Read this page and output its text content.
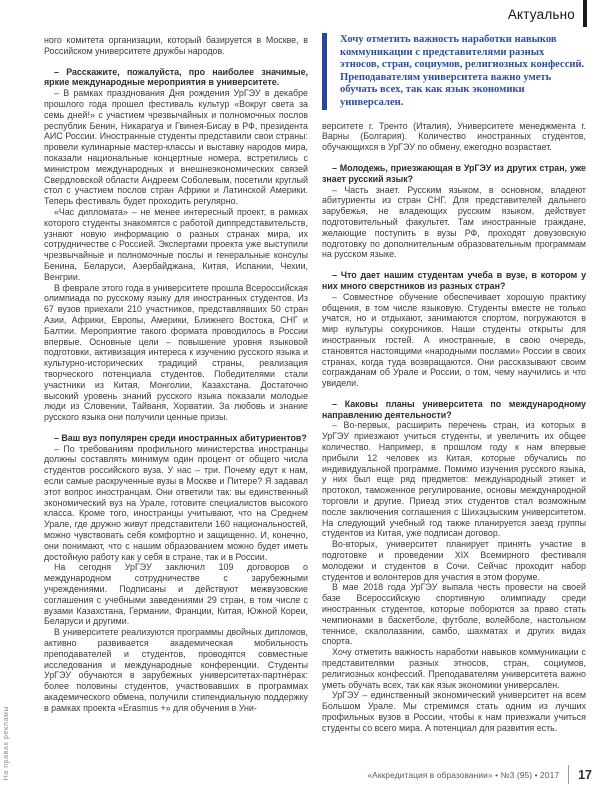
Актуально
На правах рекламы

ного комитета организации, который базируется в Москве, в Российском университете дружбы народов.

– Расскажите, пожалуйста, про наиболее значимые, яркие международные мероприятия в университете.

– В рамках празднования Дня рождения УрГЭУ в декабре прошлого года прошел фестиваль культур «Вокруг света за семь дней!» с участием чрезвычайных и полномочных послов республик Бенин, Никарагуа и Гвинея-Бисау в РФ, президента АИС России. Иностранные студенты представили свои страны: провели кулинарные мастер-классы и выставку народов мира, показали национальные концертные номера, встретились с министром международных и внешнеэкономических связей Свердловской области Андреем Соболевым, посетили круглый стол с участием послов стран Африки и Латинской Америки. Теперь фестиваль будет проходить регулярно.

«Час дипломата» – не менее интересный проект, в рамках которого студенты знакомятся с работой диппредставительств, узнают новую информацию о разных странах мира, их сотрудничестве с Россией. Экспертами проекта уже выступили чрезвычайные и полномочные послы и генеральные консулы Бенина, Беларуси, Азербайджана, Китая, Испании, Чехии, Венгрии.

В феврале этого года в университете прошла Всероссийская олимпиада по русскому языку для иностранных студентов. Из 67 вузов приехали 210 участников, представлявших 50 стран Азии, Африки, Европы, Америки, Ближнего Востока, СНГ и Балтии. Мероприятие такого формата проводилось в России впервые. Основные цели – повышение уровня языковой подготовки, активизация интереса к изучению русского языка и культурно-исторических традиций страны, реализация творческого потенциала студентов. Победителями стали участники из Китая, Монголии, Казахстана. Достаточно высокий уровень знаний русского языка показали молодые люди из Словении, Тайваня, Хорватии. За любовь и знание русского языка они получили ценные призы.

– Ваш вуз популярен среди иностранных абитуриентов?

– По требованиям профильного министерства иностранцы должны составлять минимум один процент от общего числа студентов российского вуза. У нас – три. Почему едут к нам, если самые раскрученные вузы в Москве и Питере? Я задавал этот вопрос иностранцам. Они ответили так: вы единственный экономический вуз на Урале, готовите специалистов высокого класса. Кроме того, иностранцы учитывают, что на Среднем Урале, где дружно живут представители 160 национальностей, можно чувствовать себя комфортно и защищенно. И, конечно, они понимают, что с нашим образованием можно будет иметь достойную работу как у себя в стране, так и в России.

На сегодня УрГЭУ заключил 109 договоров о международном сотрудничестве с зарубежными учреждениями. Подписаны и действуют межвузовские соглашения с учебными заведениями 29 стран, в том числе с вузами Казахстана, Германии, Франции, Китая, Южной Кореи, Беларуси и другими.

В университете реализуются программы двойных дипломов, активно развивается академическая мобильность преподавателей и студентов, проводятся совместные исследования и международные конференции. Студенты УрГЭУ обучаются в зарубежных университетах-партнёрах: более половины студентов, участвовавших в программах академического обмена, получили стипендиальную поддержку в рамках проекта «Erasmus +» для обучения в Уни-

Хочу отметить важность наработки навыков коммуникации с представителями разных этносов, стран, социумов, религиозных конфессий. Преподавателям университета важно уметь обучать всех, так как язык экономики универсален.

верситете г. Тренто (Италия), Университете менеджмента г. Варны (Болгария). Количество иностранных студентов, обучающихся в УрГЭУ по обмену, ежегодно возрастает.

– Молодежь, приезжающая в УрГЭУ из других стран, уже знает русский язык?

– Часть знает. Русским языком, в основном, владеют абитуриенты из стран СНГ. Для представителей дальнего зарубежья, не владеющих русским языком, действует подготовительный факультет. Там иностранные граждане, желающие поступить в вузы РФ, проходят довузовскую подготовку по дополнительным образовательным программам на русском языке.

– Что дает нашим студентам учеба в вузе, в котором у них много сверстников из разных стран?

– Совместное обучение обеспечивает хорошую практику общения, в том числе языковую. Студенты вместе не только учатся, но и отдыхают, занимаются спортом, погружаются в мир культуры сокурсников. Наши студенты открыты для иностранных гостей. А иностранные, в свою очередь, становятся настоящими «народными послами» России в своих странах, когда туда возвращаются. Они рассказывают своим согражданам об Урале и России, о том, чему научились и что увидели.

– Каковы планы университета по международному направлению деятельности?

– Во-первых, расширить перечень стран, из которых в УрГЭУ приезжают учиться студенты, и увеличить их общее количество. Например, в прошлом году к нам впервые прибыли 12 человек из Китая, которые обучались по индивидуальной программе. Помимо изучения русского языка, у них был еще ряд предметов: международный этикет и протокол, таможенное регулирование, основы международной торговли и другие. Приезд этих студентов стал возможным после заключения соглашения с Шихэцзыским университетом. На следующий учебный год также планируется заезд группы студентов из Китая, уже подписан договор.

Во-вторых, университет планирует принять участие в подготовке и проведении XIX Всемирного фестиваля молодежи и студентов в Сочи. Сейчас проходит набор студентов и волонтеров для участия в этом форуме.

В мае 2018 года УрГЭУ выпала честь провести на своей базе Всероссийскую спортивную олимпиаду среди иностранных студентов, которые поборются за право стать чемпионами в баскетболе, футболе, волейболе, настольном теннисе, скалолазании, самбо, шахматах и других видах спорта.

Хочу отметить важность наработки навыков коммуникации с представителями разных этносов, стран, социумов, религиозных конфессий. Преподавателям университета важно уметь обучать всех, так как язык экономики универсален.

УрГЭУ – единственный экономический университет на всем Большом Урале. Мы стремимся стать одним из лучших профильных вузов в России, чтобы к нам приезжали учиться студенты со всего мира. А потенциал для развития есть.

«Аккредитация в образовании» • №3 (95) • 2017 17
